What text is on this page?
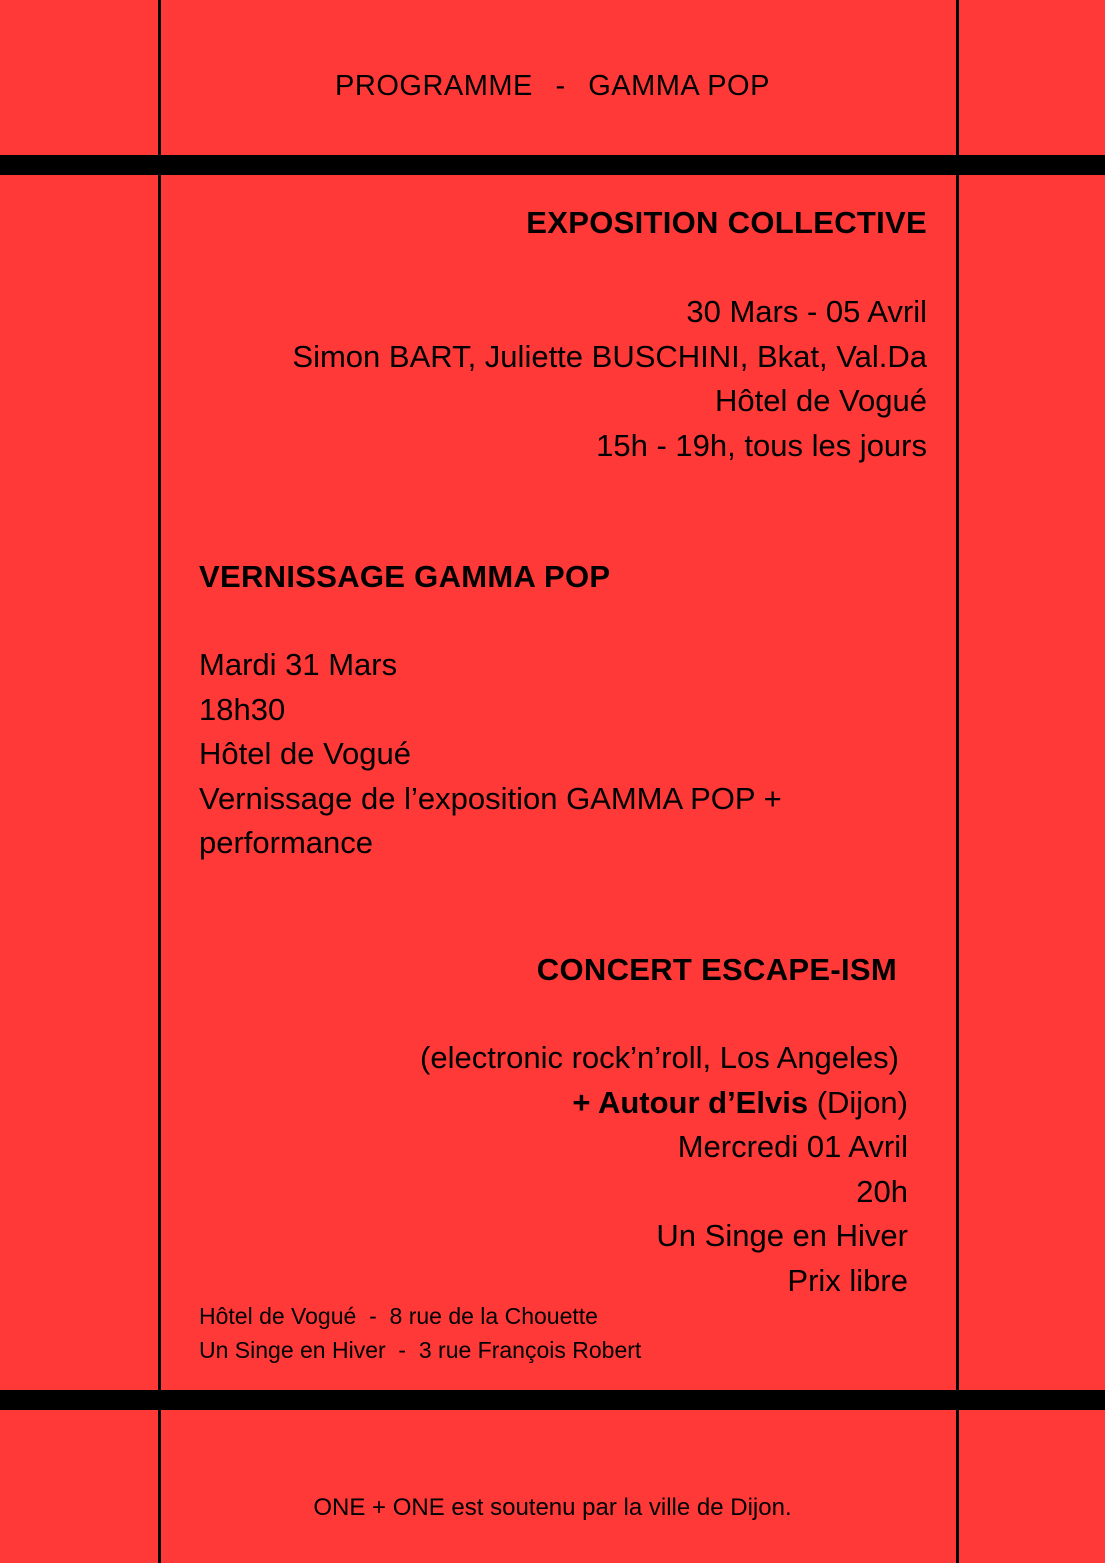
PROGRAMME - GAMMA POP
EXPOSITION COLLECTIVE
30 Mars - 05 Avril
Simon BART, Juliette BUSCHINI, Bkat, Val.Da
Hôtel de Vogué
15h - 19h, tous les jours
VERNISSAGE GAMMA POP
Mardi 31 Mars
18h30
Hôtel de Vogué
Vernissage de l’exposition GAMMA POP +
performance
CONCERT ESCAPE-ISM
(electronic rock’n’roll, Los Angeles)
+ Autour d’Elvis (Dijon)
Mercredi 01 Avril
20h
Un Singe en Hiver
Prix libre
Hôtel de Vogué  -  8 rue de la Chouette
Un Singe en Hiver  -  3 rue François Robert
ONE + ONE est soutenu par la ville de Dijon.
